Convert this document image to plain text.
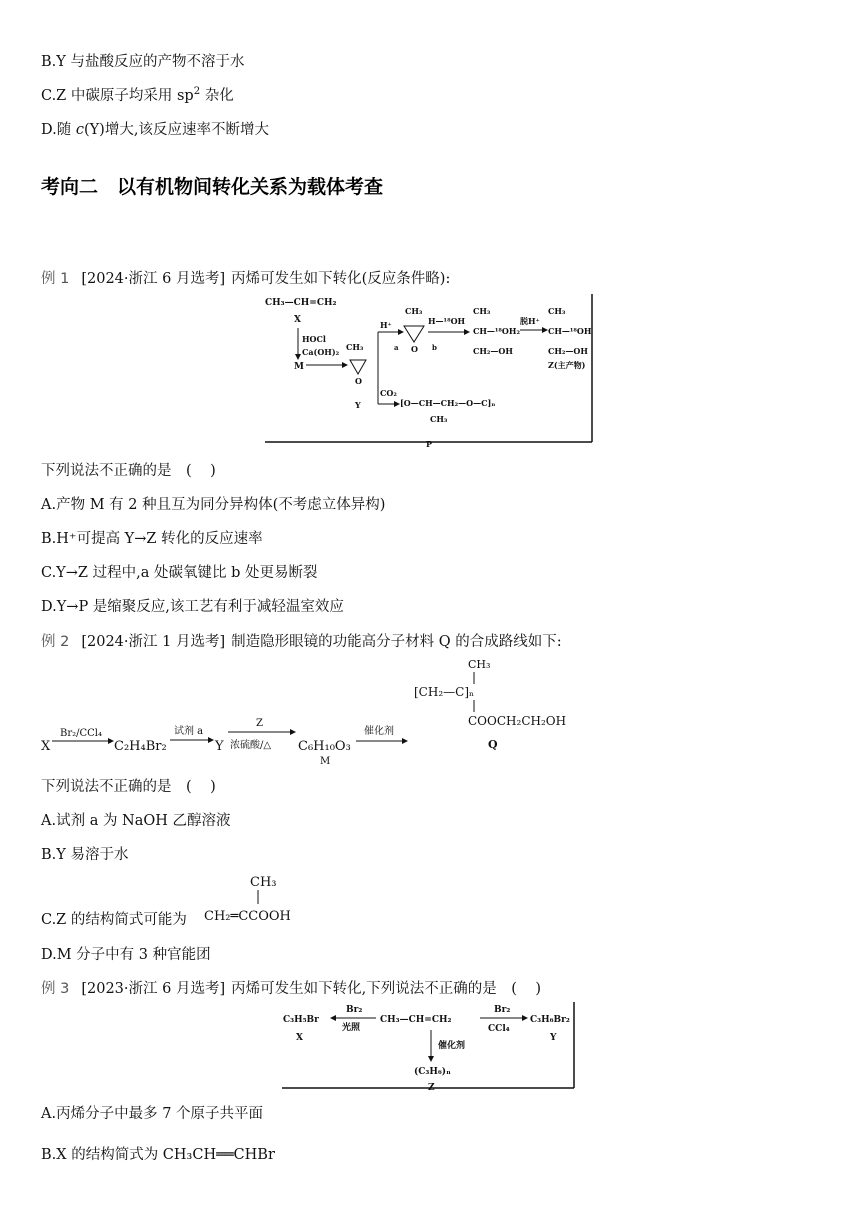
B.Y 与盐酸反应的产物不溶于水
C.Z 中碳原子均采用 $sp^2$ 杂化
D.随 c(Y)增大,该反应速率不断增大
考向二　以有机物间转化关系为载体考查
例 1 [2024·浙江 6 月选考] 丙烯可发生如下转化(反应条件略):
CH₃—CH=CH₂
X
HOCl
Ca(OH)₂
M
CH₃
O
Y
H⁺
CH₃
O
a	b
H—¹⁸OH
CH₃
CH—¹⁸OH₂
CH₂—OH
脱H⁺
CH₃
CH—¹⁸OH
CH₂—OH
Z(主产物)
CO₂
[O—CH—CH₂—O—C]ₙ
CH₃
P
下列说法不正确的是　 (　)
A.产物 M 有 2 种且互为同分异构体(不考虑立体异构)
B.H⁺可提高 Y→Z 转化的反应速率
C.Y→Z 过程中,a 处碳氧键比 b 处更易断裂
D.Y→P 是缩聚反应,该工艺有利于减轻温室效应
例 2 [2024·浙江 1 月选考] 制造隐形眼镜的功能高分子材料 Q 的合成路线如下:
X
Br₂/CCl₄
C₂H₄Br₂
试剂 a
Y
Z
浓硫酸/△ C₆H₁₀O₃
M
催化剂
CH₃
[CH₂—C]ₙ
COOCH₂CH₂OH
Q
下列说法不正确的是　 (　)
A.试剂 a 为 NaOH 乙醇溶液
B.Y 易溶于水
C.Z 的结构简式可能为
CH₃
CH₂═CCOOH
D.M 分子中有 3 种官能团
例 3 [2023·浙江 6 月选考] 丙烯可发生如下转化,下列说法不正确的是　 (　)
C₃H₅Br
X
Br₂
光照
CH₃—CH=CH₂
Br₂
CCl₄
C₃H₆Br₂
Y
催化剂
(C₃H₆)ₙ
Z
A.丙烯分子中最多 7 个原子共平面
B.X 的结构简式为 CH₃CH══CHBr
